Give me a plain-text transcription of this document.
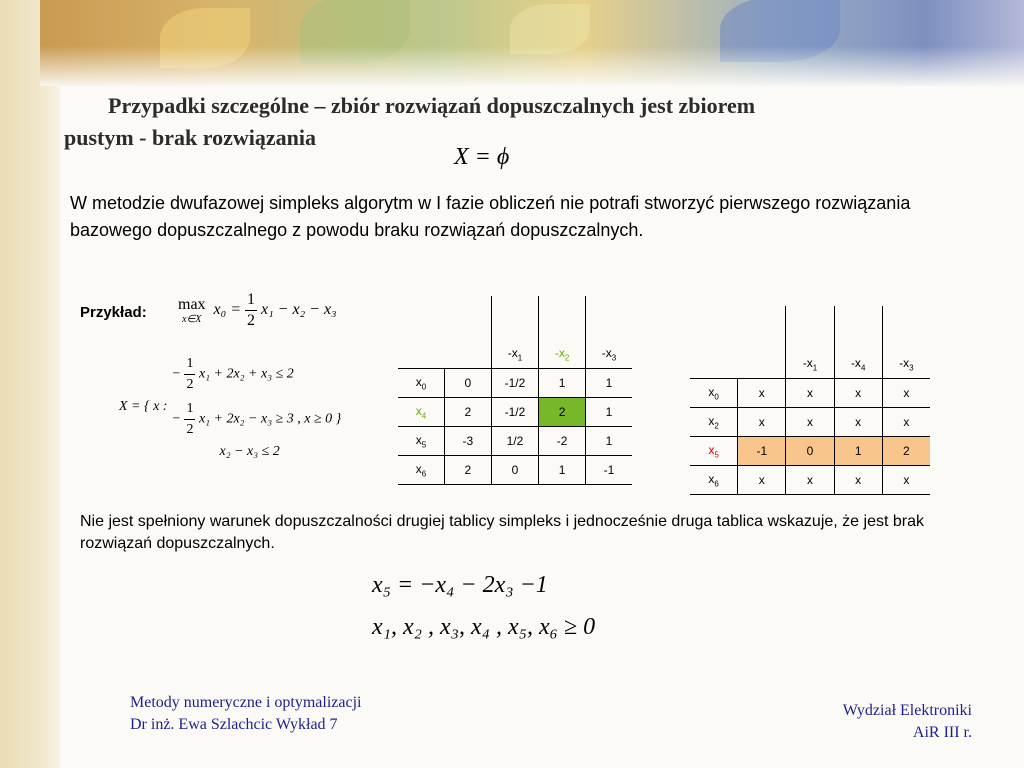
Przypadki szczególne – zbiór rozwiązań dopuszczalnych jest zbiorem
pustym - brak rozwiązania
X = ϕ
W metodzie dwufazowej simpleks algorytm w I fazie obliczeń nie potrafi stworzyć pierwszego rozwiązania bazowego dopuszczalnego z powodu braku rozwiązań dopuszczalnych.
Przykład: max
x∈X
$x_0 = \frac{1}{2} x_1 - x_2 - x_3$
X = { x :	− $\frac{1}{2} x_1 + 2x_2 + x_3 \le 2$
− $\frac{1}{2} x_1 + 2x_2 - x_3 \ge 3$ , x ≥ 0 }
x₂ − x₃ ≤ 2

		$-x_1$	$-x_2$	$-x_3$
$x_0$	0	-1/2	1	1
$x_4$	2	-1/2	2	1
$x_5$	-3	1/2	-2	1
$x_6$	2	0	1	-1

		$-x_1$	$-x_4$	$-x_3$
$x_0$	x	x	x	x
$x_2$	x	x	x	x
$x_5$	-1	0	1	2
$x_6$	x	x	x	x
Nie jest spełniony warunek dopuszczalności drugiej tablicy simpleks i jednocześnie druga tablica wskazuje, że jest brak rozwiązań dopuszczalnych.
x₅ = −x₄ − 2x₃ −1
x₁, x₂ , x₃, x₄ , x₅, x₆ ≥ 0
Metody numeryczne i optymalizacji
Dr inż. Ewa Szlachcic Wykład 7
Wydział Elektroniki
AiR III r.
